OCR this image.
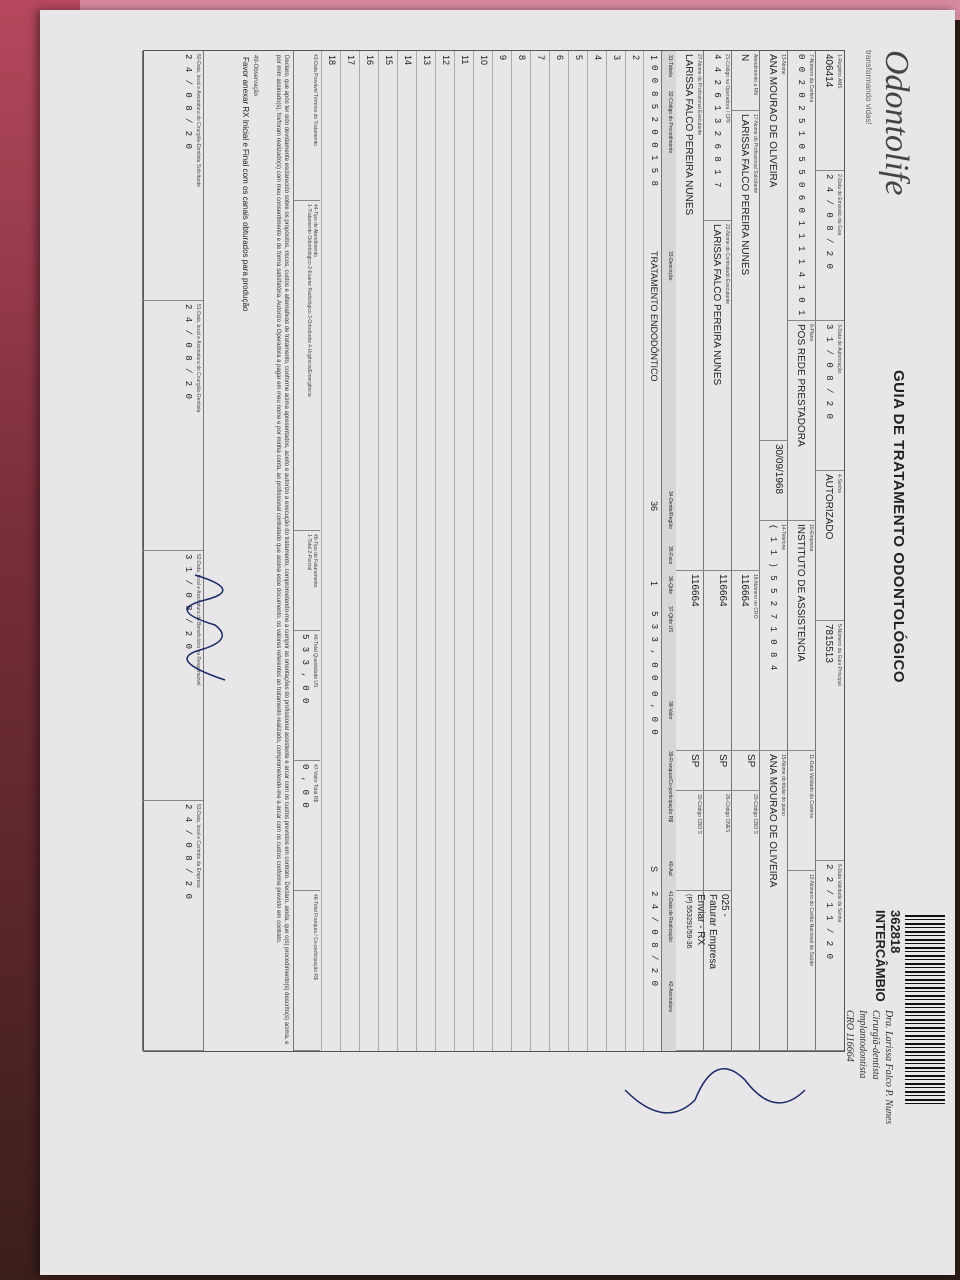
Odontolife
transformando vidas!
GUIA DE TRATAMENTO ODONTOLÓGICO
362818
INTERCÂMBIO
Dra. Larissa Falco P. Nunes
Cirurgiã-dentista
Implantodontista
CRO 116664
1-Registro ANS
406414
2-Data de Emissão da Guia
2 4 / 0 8 / 2 0
3-Data de Autorização
3 1 / 0 8 / 2 0
4-Senha
AUTORIZADO
5-Número da Guia Principal
7815513
6-Data Validade da Senha
2 2 / 1 1 / 2 0
7-Número da Carteira
0 0 2 0 2 5 1 0 5 5 0 6 0 1 1 1 1 4 1 0 1
8-Plano
POS REDE PRESTADORA
10-Empresa
INSTITUTO DE ASSISTENCIA
11-Data Validade da Carteira
12-Número do Cartão Nacional de Saúde
13-Nome
ANA MOURAO DE OLIVEIRA
30/09/1968
14-Telefone
( 1 1 ) 5 5 2 7 1 0 8 4
15-Nome do titular do plano
ANA MOURAO DE OLIVEIRA
Atendimento a RN
N
17-Nome do Profissional Solicitante
LARISSA FALCO PEREIRA NUNES
18-Número no CRO
116664
SP
20-Código CBO S
21-Código na Operadora / CPF
4 4 2 6 1 3 2 6 8 1 7
22-Nome do Contratado Executante
LARISSA FALCO PEREIRA NUNES
116664
SP
26-Código CNES
025 -
Faturar Empresa
Enviar - RX
(P) 553291/59-36
27-Nome do Profissional Executante
LARISSA FALCO PEREIRA NUNES
116664
SP
30-Código CBO S
31-Tabela
32-Código do Procedimento
33-Descrição
34-Dente/Região
35-Face
36-Qtde
37-Qtde US
38-Valor
39-Franquia/Co-participação R$
40-Aut
41-Data de Realização
42-Assinatura
1
0 0
8 5 2 0 0 1 5 8
TRATAMENTO ENDODÔNTICO
36
1
5 3 3 , 0 0
0 , 0 0
S
2 4 / 0 8 / 2 0
2
3
4
5
6
7
8
9
10
11
12
13
14
15
16
17
18
43-Data Provável Término do Tratamento
44-Tipo de Atendimento
1-Tratamento Odontológico 2-Exame Radiológico 3-Ortodontia 4-Urgência/Emergência
45-Tipo de Faturamento
1-Total 2-Parcial
46-Total Quantidade US
5 3 3 , 0 0
47-Valor Total R$
0 , 0 0
48-Total Franquia / Co-participação R$
Declaro, que após ter sido devidamente esclarecido sobre os propósitos, riscos, custos e alternativas de tratamento, conforme acima apresentados, aceito e autorizo a execução do tratamento, comprometendo-me a cumprir as orientações do profissional assistente e arcar com os custos previstos em contrato. Declaro, ainda, que o(s) procedimento(s) descrito(s) acima, e por mim assinado(s), foi/foram realizado(s) com meu consentimento e de forma satisfatória. Autorizo a Operadora a pagar em meu nome e por minha conta, ao profissional contratado que assina esse documento, os valores referentes ao tratamento realizado, comprometendo-me a arcar com os custos conforme previsto em contrato.
49-Observação
Favor anexar RX Inicial e Final com os canais obturados para produção
50-Data, local e Assinatura do Cirurgião-Dentista Solicitante
2 4 / 0 8 / 2 0
51-Data, local e Assinatura do Cirurgião-Dentista
2 4 / 0 8 / 2 0
52-Data, local e Assinatura do Beneficiário ou Responsável
3 1 / 0 8 / 2 0
53-Data, local e Carimbo da Empresa
2 4 / 0 8 / 2 0
